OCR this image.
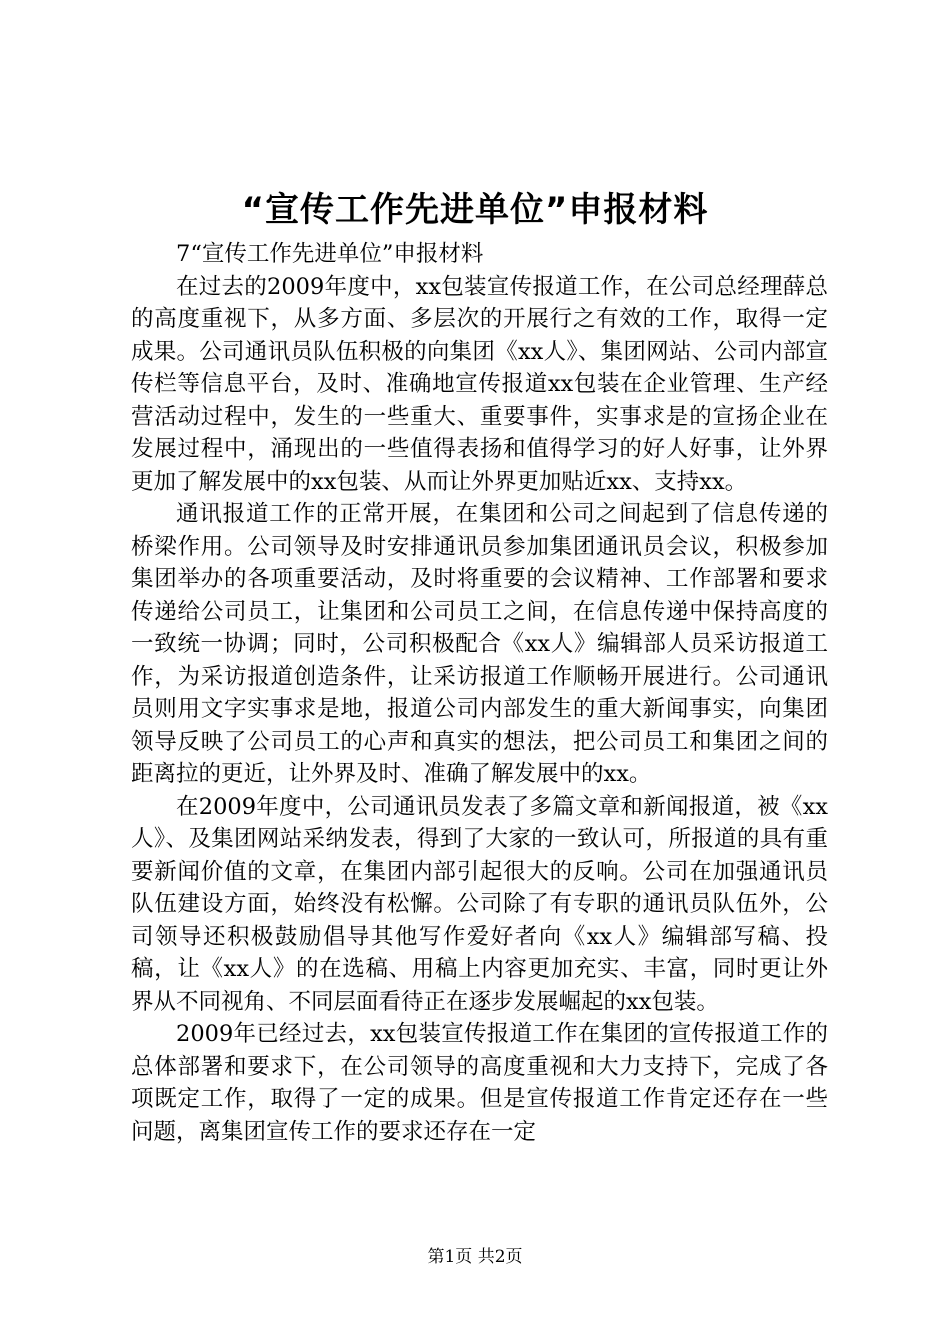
“宣传工作先进单位”申报材料

7“宣传工作先进单位”申报材料

在过去的2009年度中，xx包装宣传报道工作，在公司总经理薛总的高度重视下，从多方面、多层次的开展行之有效的工作，取得一定成果。公司通讯员队伍积极的向集团《xx人》、集团网站、公司内部宣传栏等信息平台，及时、准确地宣传报道xx包装在企业管理、生产经营活动过程中，发生的一些重大、重要事件，实事求是的宣扬企业在发展过程中，涌现出的一些值得表扬和值得学习的好人好事，让外界更加了解发展中的xx包装、从而让外界更加贴近xx、支持xx。

通讯报道工作的正常开展，在集团和公司之间起到了信息传递的桥梁作用。公司领导及时安排通讯员参加集团通讯员会议，积极参加集团举办的各项重要活动，及时将重要的会议精神、工作部署和要求传递给公司员工，让集团和公司员工之间，在信息传递中保持高度的一致统一协调；同时，公司积极配合《xx人》编辑部人员采访报道工作，为采访报道创造条件，让采访报道工作顺畅开展进行。公司通讯员则用文字实事求是地，报道公司内部发生的重大新闻事实，向集团领导反映了公司员工的心声和真实的想法，把公司员工和集团之间的距离拉的更近，让外界及时、准确了解发展中的xx。

在2009年度中，公司通讯员发表了多篇文章和新闻报道，被《xx人》、及集团网站采纳发表，得到了大家的一致认可，所报道的具有重要新闻价值的文章，在集团内部引起很大的反响。公司在加强通讯员队伍建设方面，始终没有松懈。公司除了有专职的通讯员队伍外，公司领导还积极鼓励倡导其他写作爱好者向《xx人》编辑部写稿、投稿，让《xx人》的在选稿、用稿上内容更加充实、丰富，同时更让外界从不同视角、不同层面看待正在逐步发展崛起的xx包装。

2009年已经过去，xx包装宣传报道工作在集团的宣传报道工作的总体部署和要求下，在公司领导的高度重视和大力支持下，完成了各项既定工作，取得了一定的成果。但是宣传报道工作肯定还存在一些问题，离集团宣传工作的要求还存在一定

第1页 共2页
